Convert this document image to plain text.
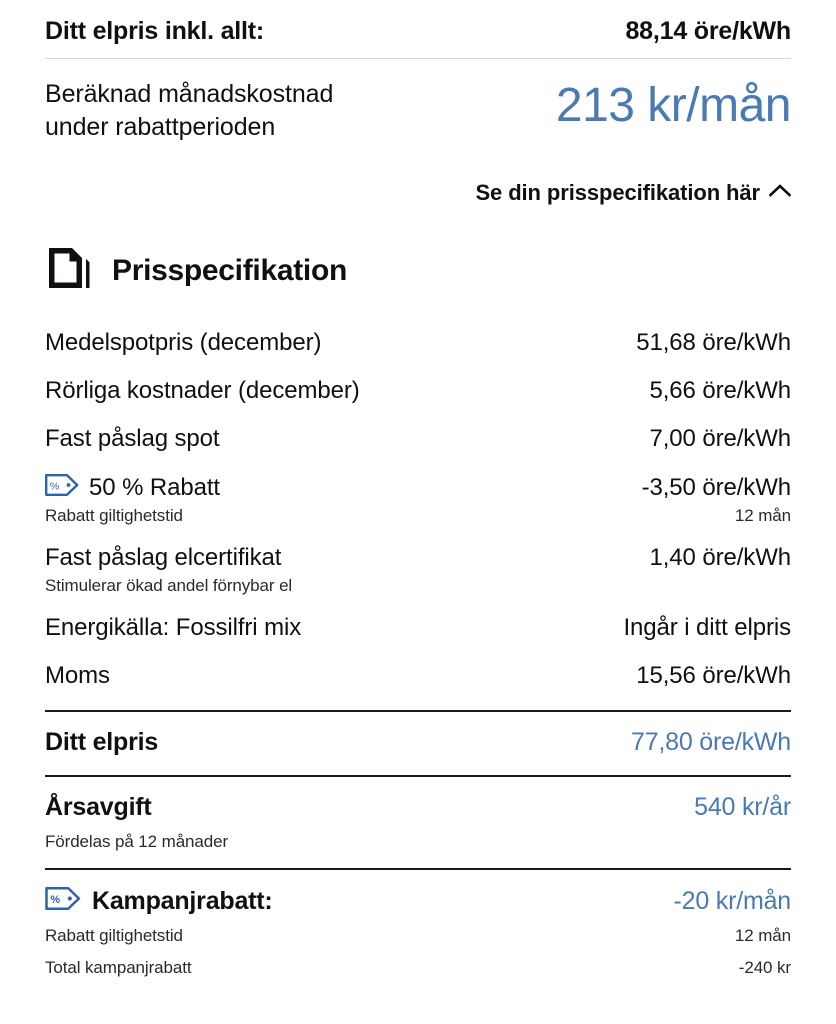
Ditt elpris inkl. allt:	88,14 öre/kWh
Beräknad månadskostnad
under rabattperioden	213 kr/mån
Se din prisspecifikation här
Prisspecifikation
Medelspotpris (december)	51,68 öre/kWh
Rörliga kostnader (december)	5,66 öre/kWh
Fast påslag spot	7,00 öre/kWh
% 50 % Rabatt	-3,50 öre/kWh
Rabatt giltighetstid	12 mån
Fast påslag elcertifikat	1,40 öre/kWh
Stimulerar ökad andel förnybar el
Energikälla: Fossilfri mix	Ingår i ditt elpris
Moms	15,56 öre/kWh
Ditt elpris	77,80 öre/kWh
Årsavgift	540 kr/år
Fördelas på 12 månader
% Kampanjrabatt:	-20 kr/mån
Rabatt giltighetstid	12 mån
Total kampanjrabatt	-240 kr
